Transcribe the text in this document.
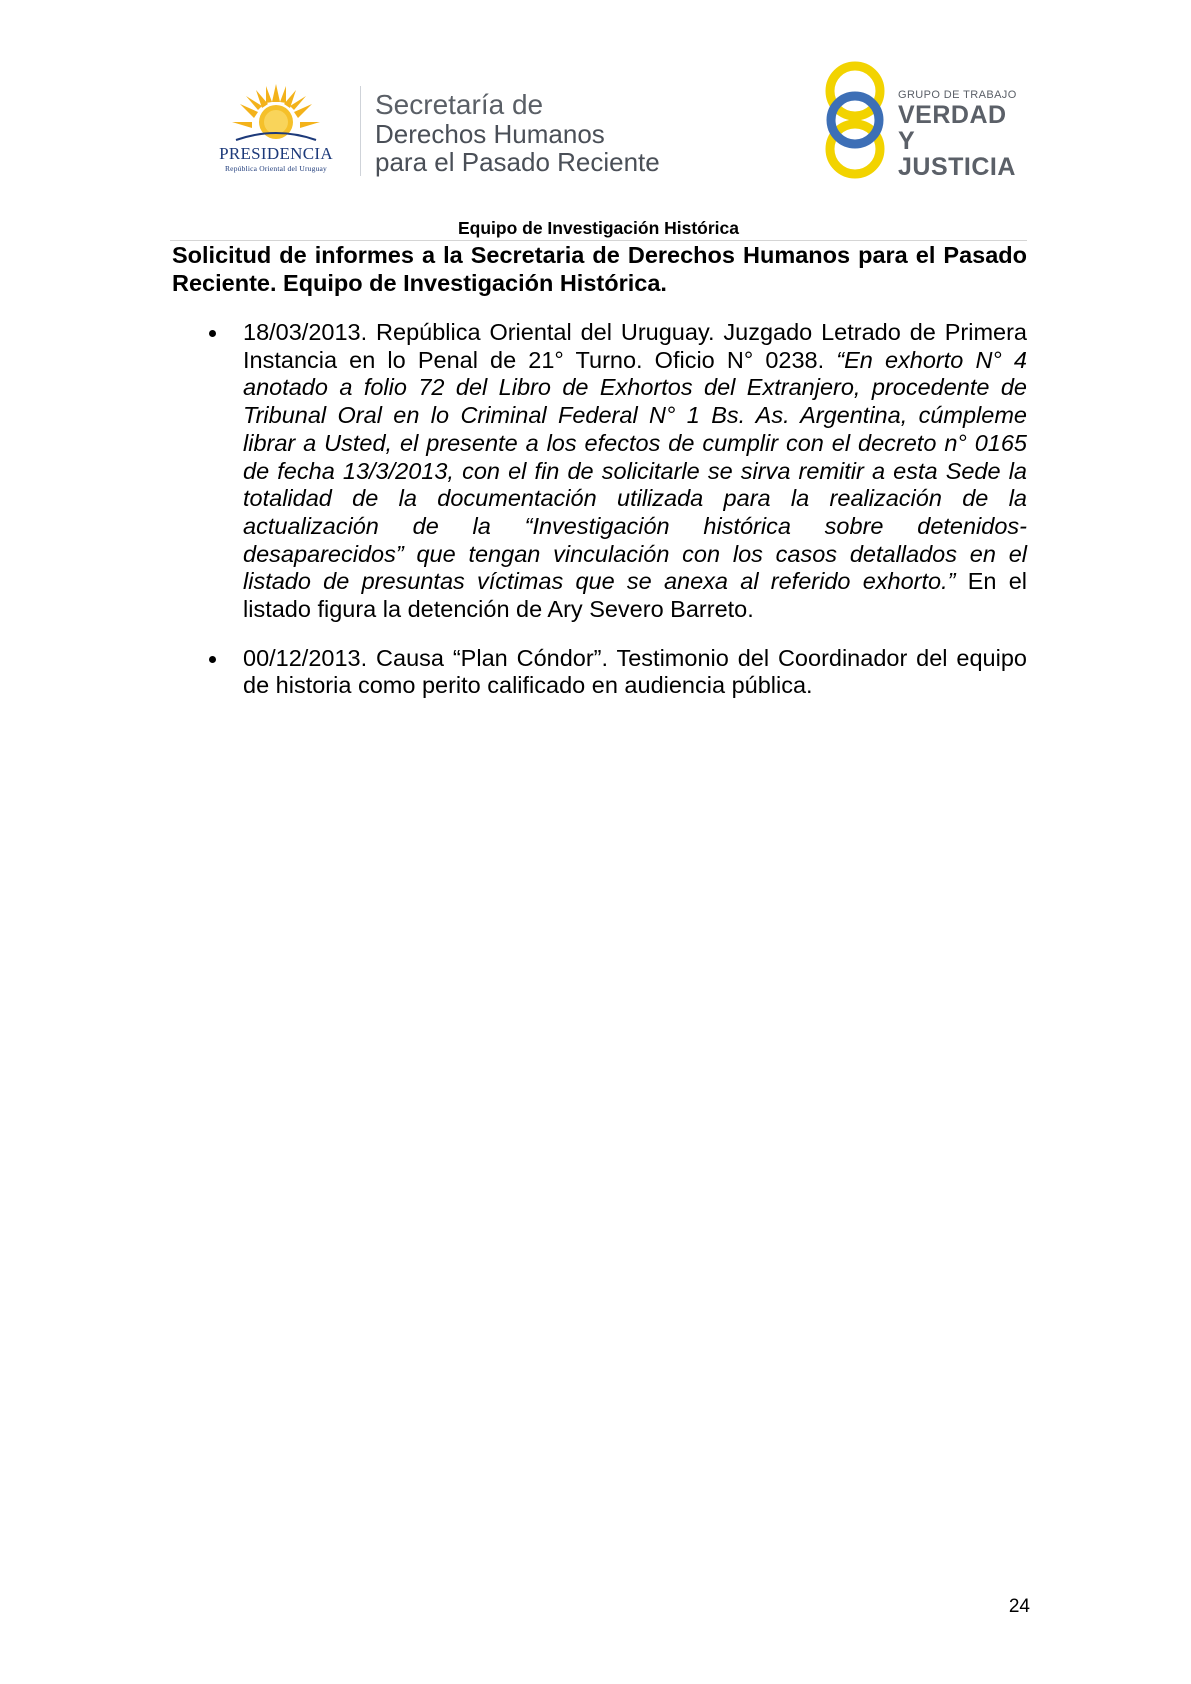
PRESIDENCIA
República Oriental del Uruguay
Secretaría de
Derechos Humanos
para el Pasado Reciente
GRUPO DE TRABAJO
VERDAD Y
JUSTICIA
Equipo de Investigación Histórica
Solicitud de informes a la Secretaria de Derechos Humanos para el Pasado Reciente. Equipo de Investigación Histórica.
18/03/2013. República Oriental del Uruguay. Juzgado Letrado de Primera Instancia en lo Penal de 21° Turno. Oficio N° 0238. “En exhorto N° 4 anotado a folio 72 del Libro de Exhortos del Extranjero, procedente de Tribunal Oral en lo Criminal Federal N° 1 Bs. As. Argentina, cúmpleme librar a Usted, el presente a los efectos de cumplir con el decreto n° 0165 de fecha 13/3/2013, con el fin de solicitarle se sirva remitir a esta Sede la totalidad de la documentación utilizada para la realización de la actualización de la “Investigación histórica sobre detenidos- desaparecidos” que tengan vinculación con los casos detallados en el listado de presuntas víctimas que se anexa al referido exhorto.” En el listado figura la detención de Ary Severo Barreto.
00/12/2013. Causa “Plan Cóndor”. Testimonio del Coordinador del equipo de historia como perito calificado en audiencia pública.
24
